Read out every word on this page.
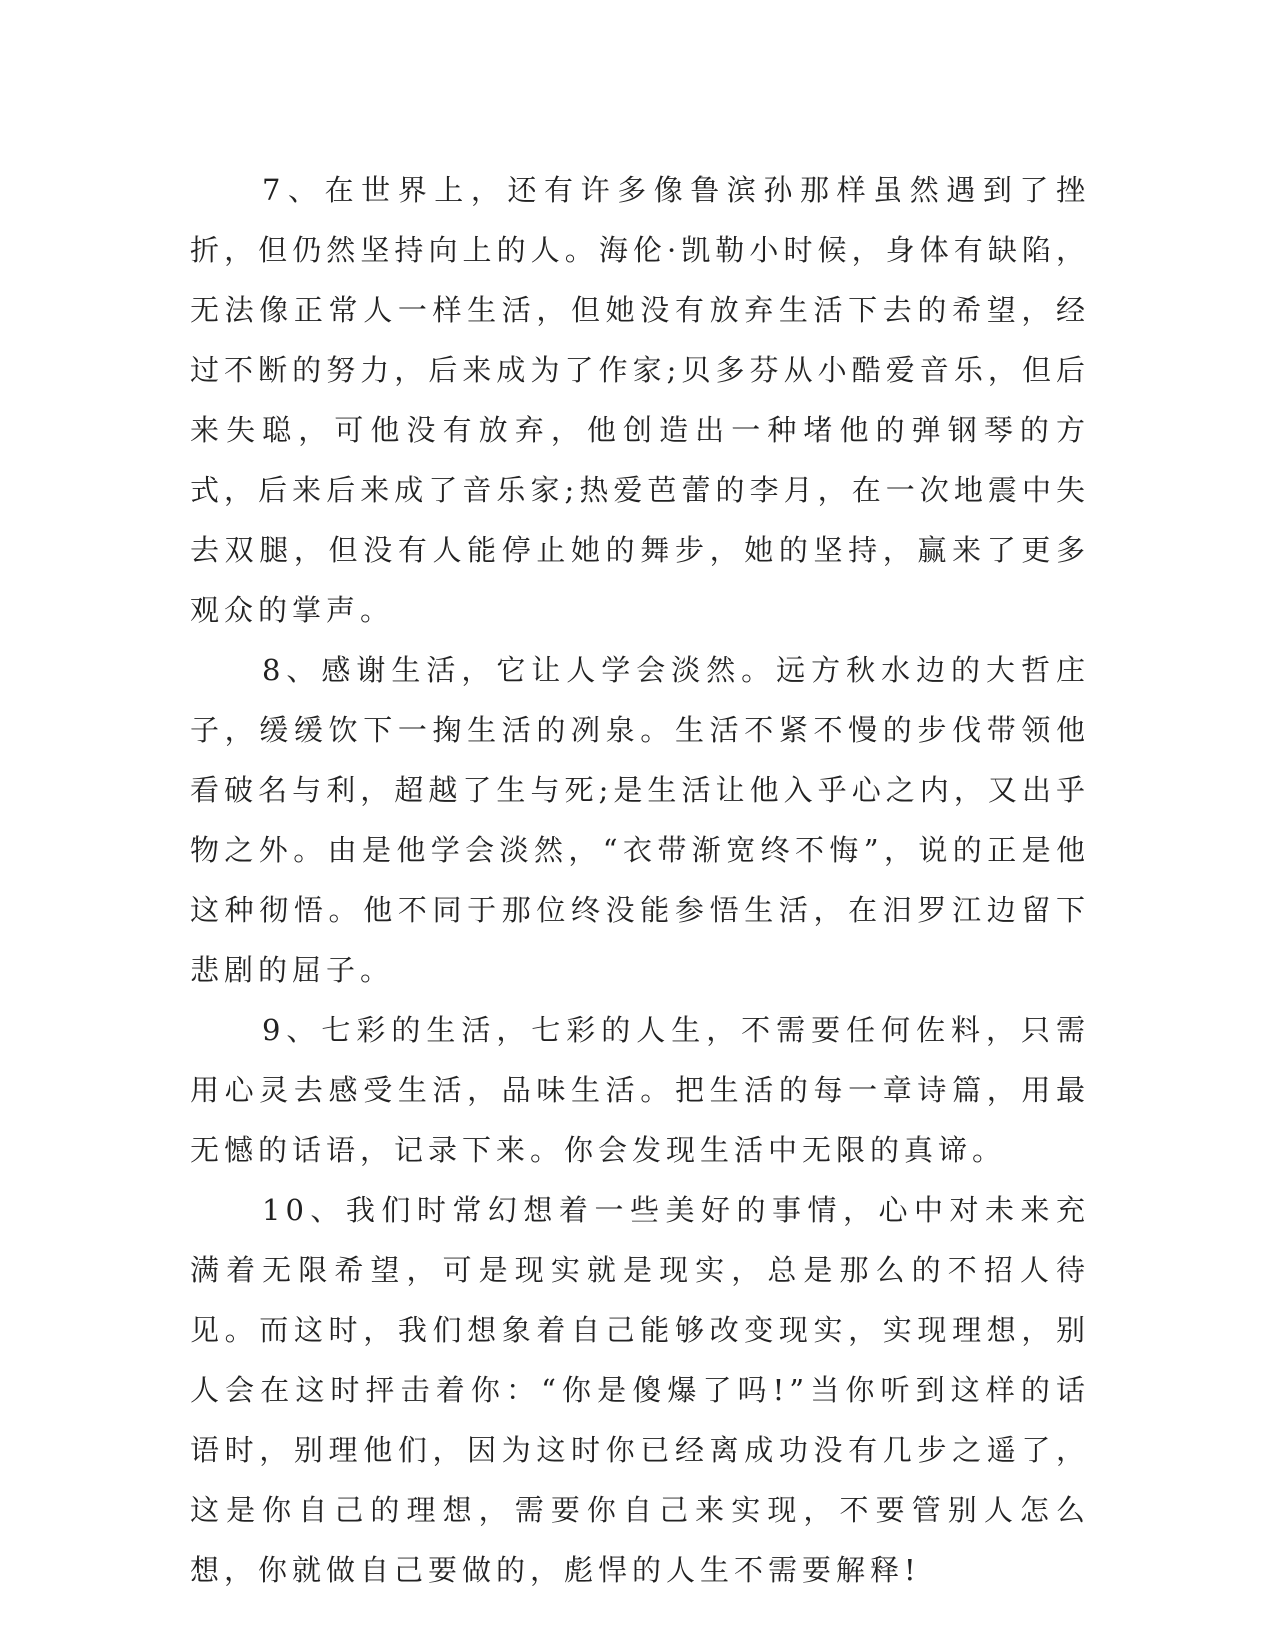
7、在世界上，还有许多像鲁滨孙那样虽然遇到了挫折，但仍然坚持向上的人。海伦·凯勒小时候，身体有缺陷，无法像正常人一样生活，但她没有放弃生活下去的希望，经过不断的努力，后来成为了作家;贝多芬从小酷爱音乐，但后来失聪，可他没有放弃，他创造出一种堵他的弹钢琴的方式，后来后来成了音乐家;热爱芭蕾的李月，在一次地震中失去双腿，但没有人能停止她的舞步，她的坚持，赢来了更多观众的掌声。

8、感谢生活，它让人学会淡然。远方秋水边的大哲庄子，缓缓饮下一掬生活的冽泉。生活不紧不慢的步伐带领他看破名与利，超越了生与死;是生活让他入乎心之内，又出乎物之外。由是他学会淡然，“衣带渐宽终不悔”，说的正是他这种彻悟。他不同于那位终没能参悟生活，在汨罗江边留下悲剧的屈子。

9、七彩的生活，七彩的人生，不需要任何佐料，只需用心灵去感受生活，品味生活。把生活的每一章诗篇，用最无憾的话语，记录下来。你会发现生活中无限的真谛。

10、我们时常幻想着一些美好的事情，心中对未来充满着无限希望，可是现实就是现实，总是那么的不招人待见。而这时，我们想象着自己能够改变现实，实现理想，别人会在这时抨击着你：“你是傻爆了吗!”当你听到这样的话语时，别理他们，因为这时你已经离成功没有几步之遥了，这是你自己的理想，需要你自己来实现，不要管别人怎么想，你就做自己要做的，彪悍的人生不需要解释!
